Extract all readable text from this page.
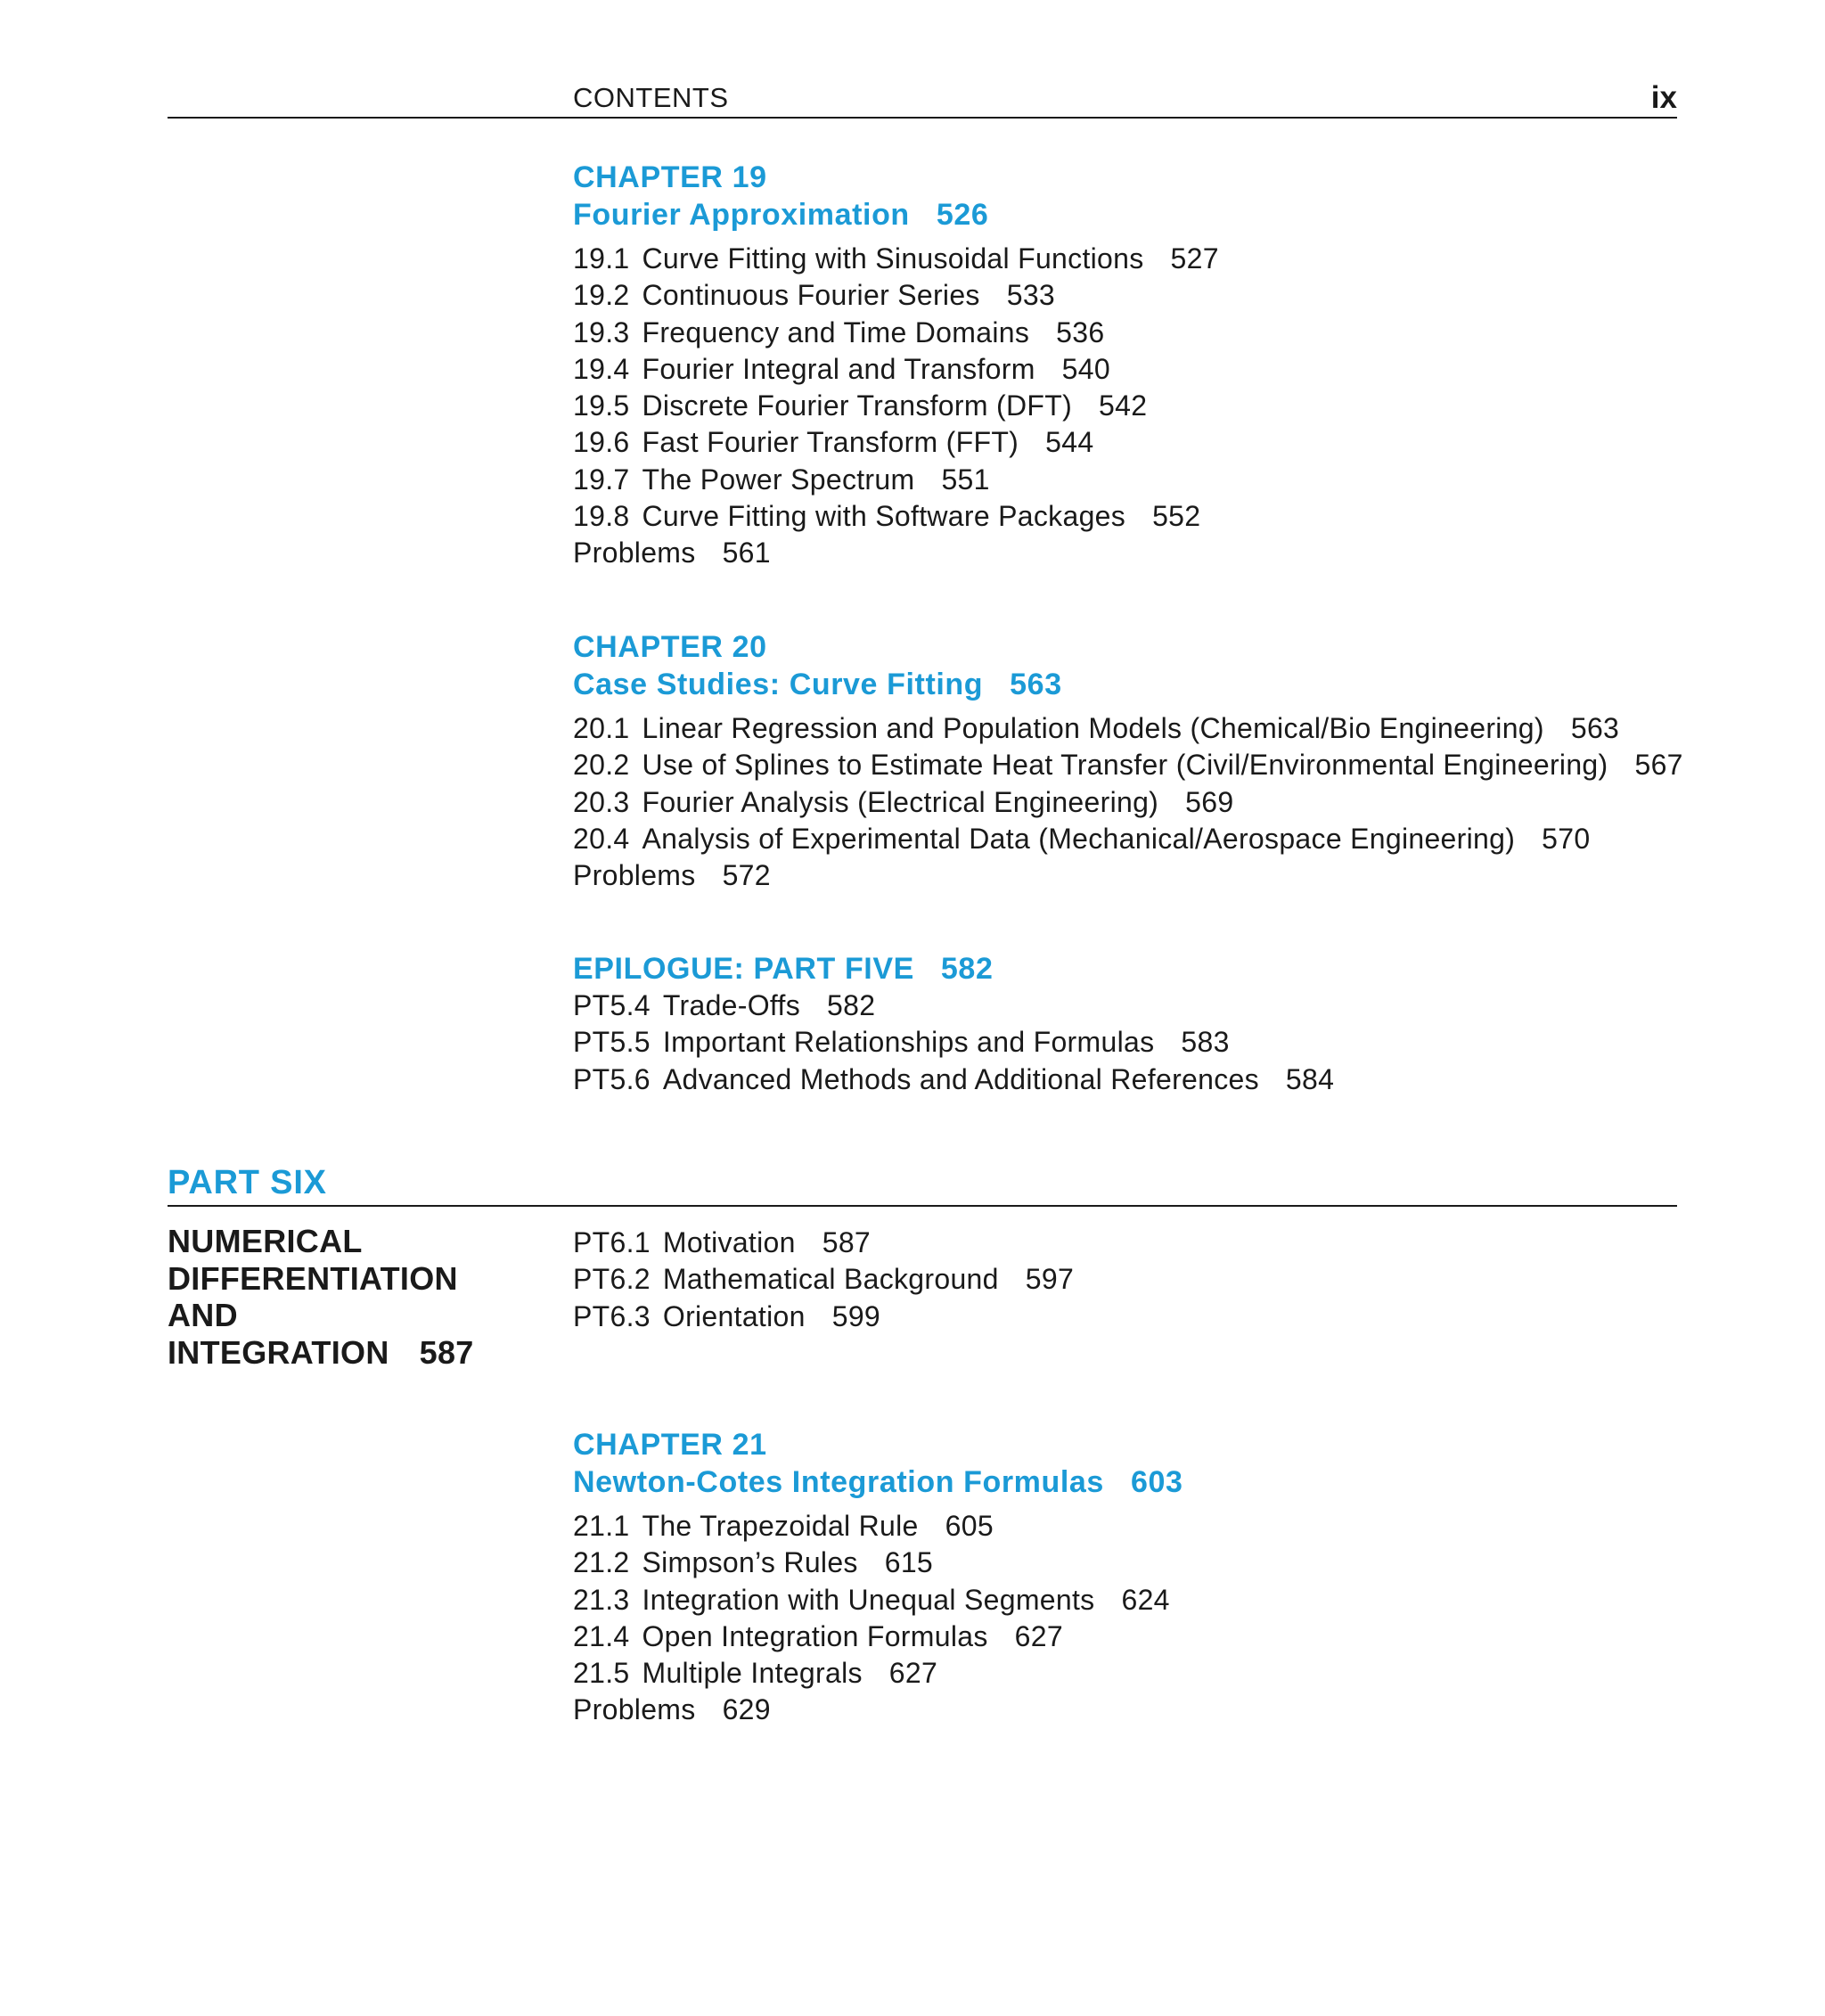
CONTENTS	ix
CHAPTER 19
Fourier Approximation 526
19.1 Curve Fitting with Sinusoidal Functions 527
19.2 Continuous Fourier Series 533
19.3 Frequency and Time Domains 536
19.4 Fourier Integral and Transform 540
19.5 Discrete Fourier Transform (DFT) 542
19.6 Fast Fourier Transform (FFT) 544
19.7 The Power Spectrum 551
19.8 Curve Fitting with Software Packages 552
Problems 561
CHAPTER 20
Case Studies: Curve Fitting 563
20.1 Linear Regression and Population Models (Chemical/Bio Engineering) 563
20.2 Use of Splines to Estimate Heat Transfer (Civil/Environmental Engineering) 567
20.3 Fourier Analysis (Electrical Engineering) 569
20.4 Analysis of Experimental Data (Mechanical/Aerospace Engineering) 570
Problems 572
EPILOGUE: PART FIVE 582
PT5.4 Trade-Offs 582
PT5.5 Important Relationships and Formulas 583
PT5.6 Advanced Methods and Additional References 584
PART SIX
NUMERICAL
DIFFERENTIATION
AND
INTEGRATION 587
PT6.1 Motivation 587
PT6.2 Mathematical Background 597
PT6.3 Orientation 599
CHAPTER 21
Newton-Cotes Integration Formulas 603
21.1 The Trapezoidal Rule 605
21.2 Simpson’s Rules 615
21.3 Integration with Unequal Segments 624
21.4 Open Integration Formulas 627
21.5 Multiple Integrals 627
Problems 629
